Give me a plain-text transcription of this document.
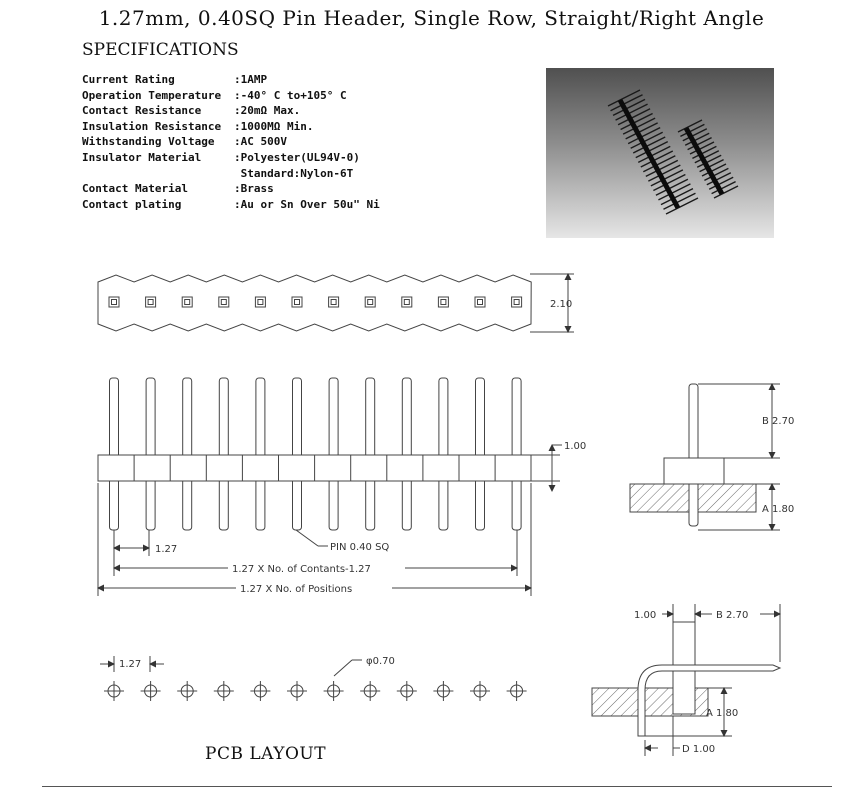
1.27mm, 0.40SQ Pin Header, Single Row, Straight/Right Angle
SPECIFICATIONS
Current Rating	:1AMP
Operation Temperature	:-40° C to+105° C
Contact Resistance	:20mΩ Max.
Insulation Resistance	:1000MΩ Min.
Withstanding Voltage	:AC 500V
Insulator Material	:Polyester(UL94V-0)
Standard:Nylon-6T
Contact Material	:Brass
Contact plating	:Au or Sn Over 50u" Ni
2.10
1.27	PIN 0.40 SQ
1.27 X No. of Contants-1.27
1.27 X No. of Positions
1.00
B 2.70
A 1.80
1.27	φ0.70
1.00	B 2.70
A 1.80
D 1.00
PCB LAYOUT
